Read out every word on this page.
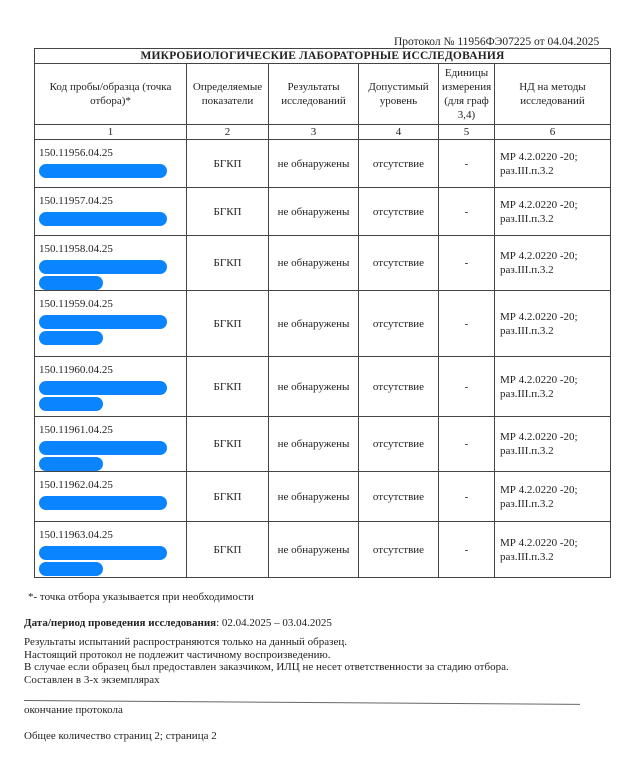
Протокол № 11956ФЭ07225 от 04.04.2025
МИКРОБИОЛОГИЧЕСКИЕ ЛАБОРАТОРНЫЕ ИССЛЕДОВАНИЯ					
Код пробы/образца (точка отбора)*	Определяемые показатели	Результаты исследований	Допустимый уровень	Единицы измерения (для граф 3,4)	НД на методы исследований
1	2	3	4	5	6
150.11956.04.25	БГКП	не обнаружены	отсутствие	-	МР 4.2.0220 -20; раз.III.п.3.2
150.11957.04.25	БГКП	не обнаружены	отсутствие	-	МР 4.2.0220 -20; раз.III.п.3.2
150.11958.04.25	БГКП	не обнаружены	отсутствие	-	МР 4.2.0220 -20; раз.III.п.3.2
150.11959.04.25	БГКП	не обнаружены	отсутствие	-	МР 4.2.0220 -20; раз.III.п.3.2
150.11960.04.25	БГКП	не обнаружены	отсутствие	-	МР 4.2.0220 -20; раз.III.п.3.2
150.11961.04.25	БГКП	не обнаружены	отсутствие	-	МР 4.2.0220 -20; раз.III.п.3.2
150.11962.04.25	БГКП	не обнаружены	отсутствие	-	МР 4.2.0220 -20; раз.III.п.3.2
150.11963.04.25	БГКП	не обнаружены	отсутствие	-	МР 4.2.0220 -20; раз.III.п.3.2
*- точка отбора указывается при необходимости
Дата/период проведения исследования: 02.04.2025 – 03.04.2025
Результаты испытаний распространяются только на данный образец.
Настоящий протокол не подлежит частичному воспроизведению.
В случае если образец был предоставлен заказчиком, ИЛЦ не несет ответственности за стадию отбора.
Составлен в 3-х экземплярах
окончание протокола
Общее количество страниц 2; страница 2
